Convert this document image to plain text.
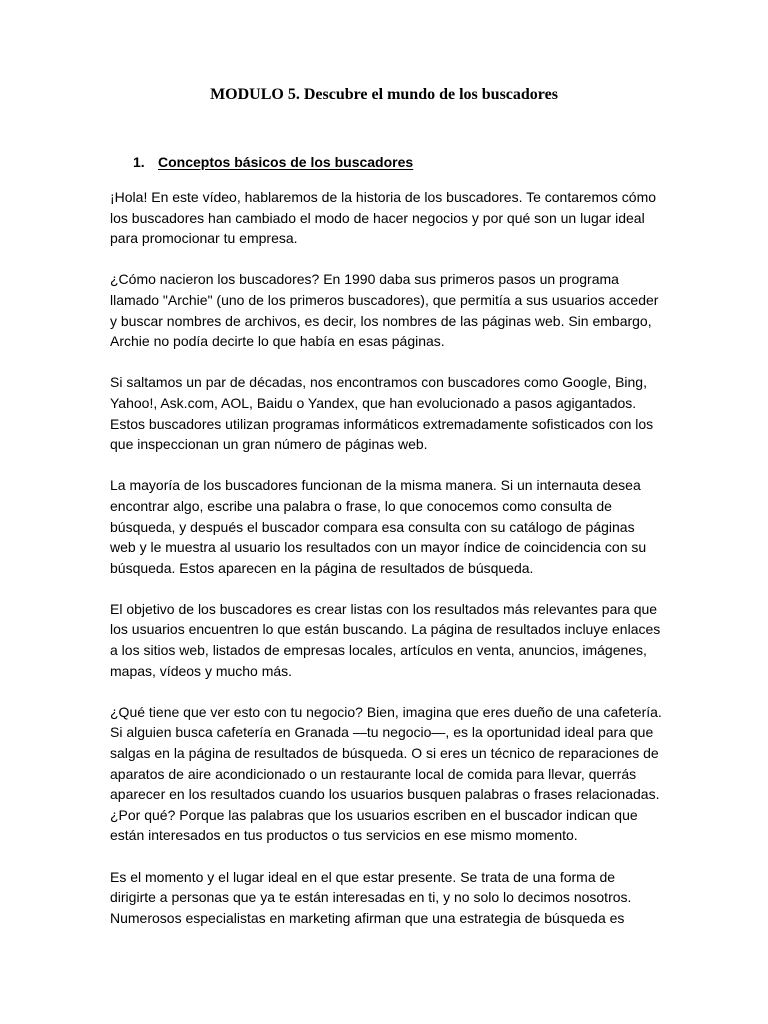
MODULO 5. Descubre el mundo de los buscadores
1. Conceptos básicos de los buscadores

¡Hola! En este vídeo, hablaremos de la historia de los buscadores. Te contaremos cómo los buscadores han cambiado el modo de hacer negocios y por qué son un lugar ideal para promocionar tu empresa.

¿Cómo nacieron los buscadores? En 1990 daba sus primeros pasos un programa llamado "Archie" (uno de los primeros buscadores), que permitía a sus usuarios acceder y buscar nombres de archivos, es decir, los nombres de las páginas web. Sin embargo, Archie no podía decirte lo que había en esas páginas.

Si saltamos un par de décadas, nos encontramos con buscadores como Google, Bing, Yahoo!, Ask.com, AOL, Baidu o Yandex, que han evolucionado a pasos agigantados. Estos buscadores utilizan programas informáticos extremadamente sofisticados con los que inspeccionan un gran número de páginas web.

La mayoría de los buscadores funcionan de la misma manera. Si un internauta desea encontrar algo, escribe una palabra o frase, lo que conocemos como consulta de búsqueda, y después el buscador compara esa consulta con su catálogo de páginas web y le muestra al usuario los resultados con un mayor índice de coincidencia con su búsqueda. Estos aparecen en la página de resultados de búsqueda.

El objetivo de los buscadores es crear listas con los resultados más relevantes para que los usuarios encuentren lo que están buscando. La página de resultados incluye enlaces a los sitios web, listados de empresas locales, artículos en venta, anuncios, imágenes, mapas, vídeos y mucho más.

¿Qué tiene que ver esto con tu negocio? Bien, imagina que eres dueño de una cafetería. Si alguien busca cafetería en Granada —tu negocio—, es la oportunidad ideal para que salgas en la página de resultados de búsqueda. O si eres un técnico de reparaciones de aparatos de aire acondicionado o un restaurante local de comida para llevar, querrás aparecer en los resultados cuando los usuarios busquen palabras o frases relacionadas. ¿Por qué? Porque las palabras que los usuarios escriben en el buscador indican que están interesados en tus productos o tus servicios en ese mismo momento.

Es el momento y el lugar ideal en el que estar presente. Se trata de una forma de dirigirte a personas que ya te están interesadas en ti, y no solo lo decimos nosotros. Numerosos especialistas en marketing afirman que una estrategia de búsqueda es
